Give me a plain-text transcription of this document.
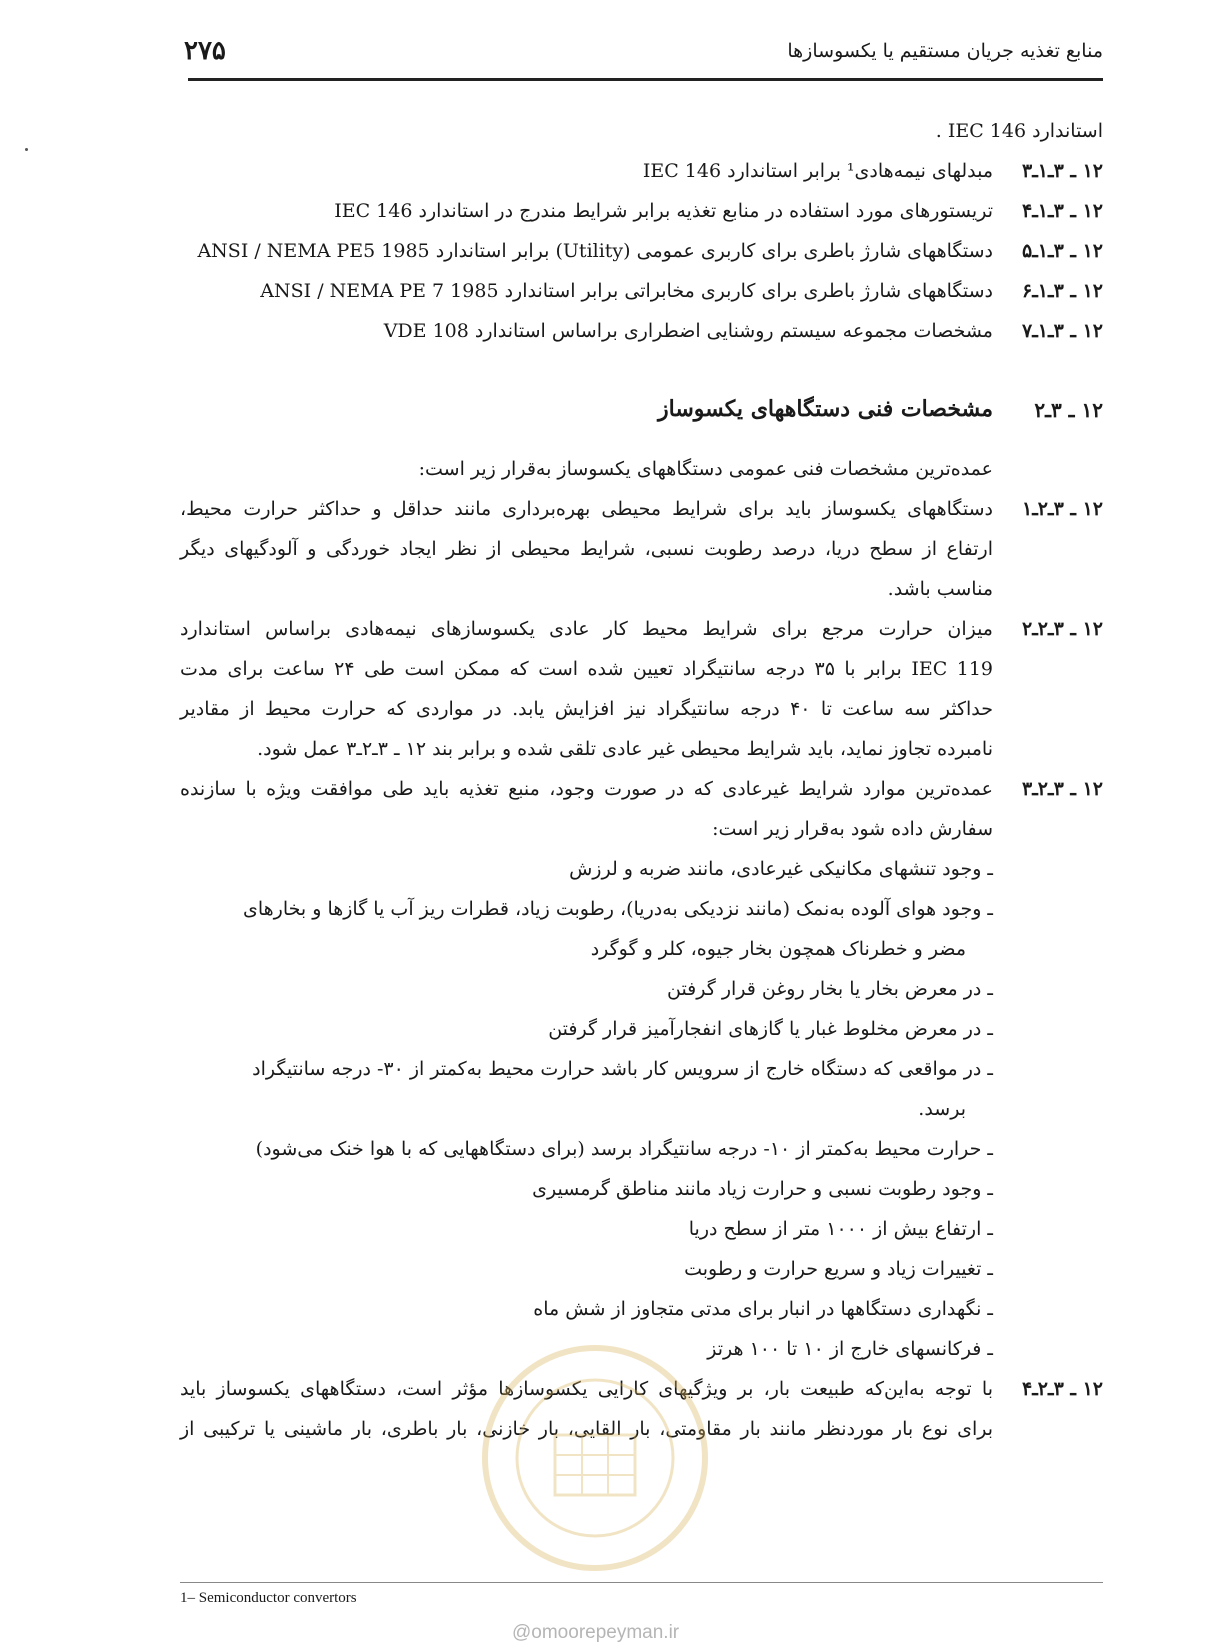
منابع تغذیه جریان مستقیم یا یکسوسازها
۲۷۵
استاندارد IEC 146 .
۱۲ ـ ۳ـ۱ـ۳
مبدلهای نیمه‌هادی¹ برابر استاندارد IEC 146
۱۲ ـ ۳ـ۱ـ۴
تریستورهای مورد استفاده در منابع تغذیه برابر شرایط مندرج در استاندارد IEC 146
۱۲ ـ ۳ـ۱ـ۵
دستگاههای شارژ باطری برای کاربری عمومی (Utility) برابر استاندارد ANSI / NEMA PE5 1985
۱۲ ـ ۳ـ۱ـ۶
دستگاههای شارژ باطری برای کاربری مخابراتی برابر استاندارد ANSI / NEMA PE 7 1985
۱۲ ـ ۳ـ۱ـ۷
مشخصات مجموعه سیستم روشنایی اضطراری براساس استاندارد VDE 108
۱۲ ـ ۳ـ۲
مشخصات فنی دستگاههای یکسوساز
عمده‌ترین مشخصات فنی عمومی دستگاههای یکسوساز به‌قرار زیر است:
۱۲ ـ ۳ـ۲ـ۱
دستگاههای یکسوساز باید برای شرایط محیطی بهره‌برداری مانند حداقل و حداکثر حرارت محیط،
ارتفاع از سطح دریا، درصد رطوبت نسبی، شرایط محیطی از نظر ایجاد خوردگی و آلودگیهای دیگر
مناسب باشد.
۱۲ ـ ۳ـ۲ـ۲
میزان حرارت مرجع برای شرایط محیط کار عادی یکسوسازهای نیمه‌هادی براساس استاندارد
IEC 119 برابر با ۳۵ درجه سانتیگراد تعیین شده است که ممکن است طی ۲۴ ساعت برای مدت
حداکثر سه ساعت تا ۴۰ درجه سانتیگراد نیز افزایش یابد. در مواردی که حرارت محیط از مقادیر
نامبرده تجاوز نماید، باید شرایط محیطی غیر عادی تلقی شده و برابر بند ۱۲ ـ ۳ـ۲ـ۳ عمل شود.
۱۲ ـ ۳ـ۲ـ۳
عمده‌ترین موارد شرایط غیرعادی که در صورت وجود، منبع تغذیه باید طی موافقت ویژه با سازنده
سفارش داده شود به‌قرار زیر است:
ـ وجود تنشهای مکانیکی غیرعادی، مانند ضربه و لرزش
ـ وجود هوای آلوده به‌نمک (مانند نزدیکی به‌دریا)، رطوبت زیاد، قطرات ریز آب یا گازها و بخارهای
مضر و خطرناک همچون بخار جیوه، کلر و گوگرد
ـ در معرض بخار یا بخار روغن قرار گرفتن
ـ در معرض مخلوط غبار یا گازهای انفجارآمیز قرار گرفتن
ـ در مواقعی که دستگاه خارج از سرویس کار باشد حرارت محیط به‌کمتر از ۳۰- درجه سانتیگراد
برسد.
ـ حرارت محیط به‌کمتر از ۱۰- درجه سانتیگراد برسد (برای دستگاههایی که با هوا خنک می‌شود)
ـ وجود رطوبت نسبی و حرارت زیاد مانند مناطق گرمسیری
ـ ارتفاع بیش از ۱۰۰۰ متر از سطح دریا
ـ تغییرات زیاد و سریع حرارت و رطوبت
ـ نگهداری دستگاهها در انبار برای مدتی متجاوز از شش ماه
ـ فرکانسهای خارج از ۱۰ تا ۱۰۰ هرتز
۱۲ ـ ۳ـ۲ـ۴
با توجه به‌این‌که طبیعت بار، بر ویژگیهای کارایی یکسوسازها مؤثر است، دستگاههای یکسوساز باید
برای نوع بار موردنظر مانند بار مقاومتی، بار القایی، بار خازنی، بار باطری، بار ماشینی یا ترکیبی از
1– Semiconductor convertors
@omoorepeyman.ir
